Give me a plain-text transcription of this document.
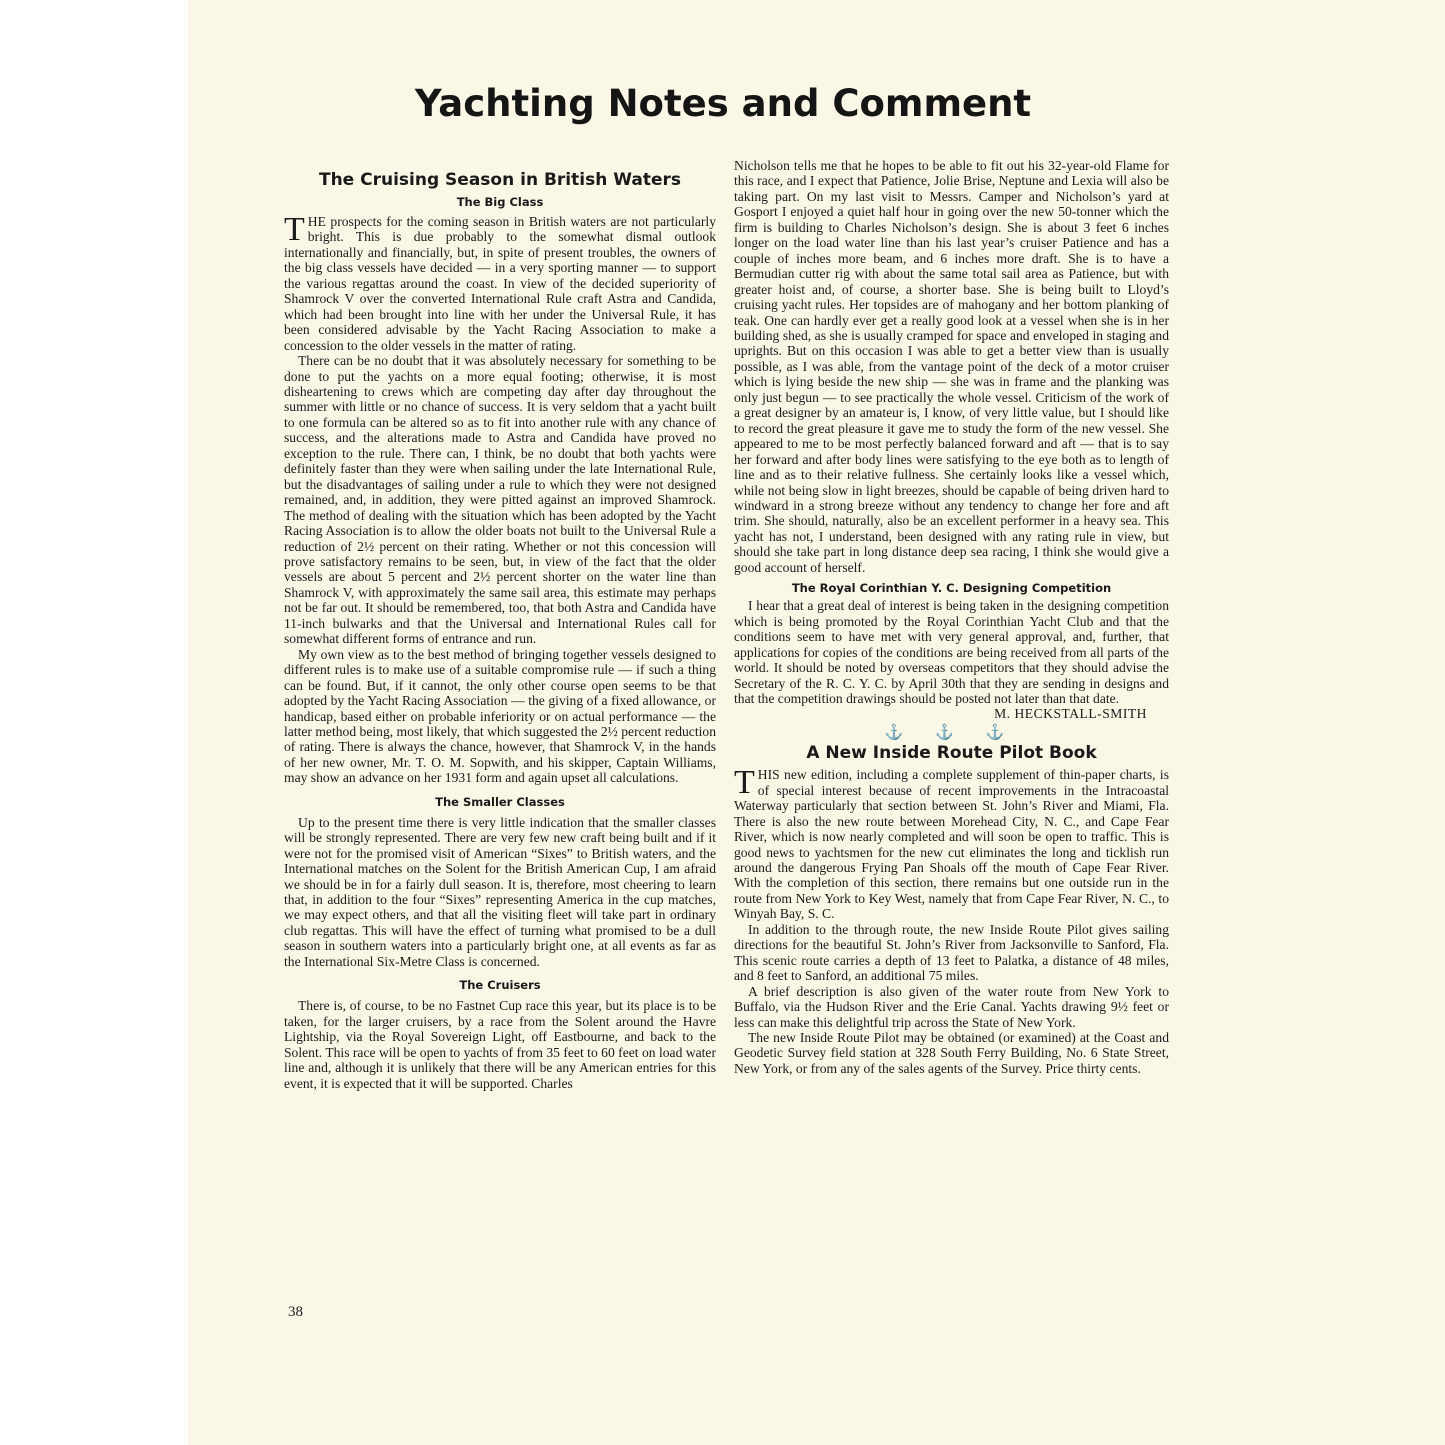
Yachting Notes and Comment
The Cruising Season in British Waters
The Big Class

THE prospects for the coming season in British waters are not particularly bright. This is due probably to the somewhat dismal outlook internationally and financially, but, in spite of present troubles, the owners of the big class vessels have decided — in a very sporting manner — to support the various regattas around the coast. In view of the decided superiority of Shamrock V over the converted International Rule craft Astra and Candida, which had been brought into line with her under the Universal Rule, it has been considered advisable by the Yacht Racing Association to make a concession to the older vessels in the matter of rating.

There can be no doubt that it was absolutely necessary for something to be done to put the yachts on a more equal footing; otherwise, it is most disheartening to crews which are competing day after day throughout the summer with little or no chance of success. It is very seldom that a yacht built to one formula can be altered so as to fit into another rule with any chance of success, and the alterations made to Astra and Candida have proved no exception to the rule. There can, I think, be no doubt that both yachts were definitely faster than they were when sailing under the late International Rule, but the disadvantages of sailing under a rule to which they were not designed remained, and, in addition, they were pitted against an improved Shamrock. The method of dealing with the situation which has been adopted by the Yacht Racing Association is to allow the older boats not built to the Universal Rule a reduction of 2½ percent on their rating. Whether or not this concession will prove satisfactory remains to be seen, but, in view of the fact that the older vessels are about 5 percent and 2½ percent shorter on the water line than Shamrock V, with approximately the same sail area, this estimate may perhaps not be far out. It should be remembered, too, that both Astra and Candida have 11-inch bulwarks and that the Universal and International Rules call for somewhat different forms of entrance and run.

My own view as to the best method of bringing together vessels designed to different rules is to make use of a suitable compromise rule — if such a thing can be found. But, if it cannot, the only other course open seems to be that adopted by the Yacht Racing Association — the giving of a fixed allowance, or handicap, based either on probable inferiority or on actual performance — the latter method being, most likely, that which suggested the 2½ percent reduction of rating. There is always the chance, however, that Shamrock V, in the hands of her new owner, Mr. T. O. M. Sopwith, and his skipper, Captain Williams, may show an advance on her 1931 form and again upset all calculations.

The Smaller Classes

Up to the present time there is very little indication that the smaller classes will be strongly represented. There are very few new craft being built and if it were not for the promised visit of American “Sixes” to British waters, and the International matches on the Solent for the British American Cup, I am afraid we should be in for a fairly dull season. It is, therefore, most cheering to learn that, in addition to the four “Sixes” representing America in the cup matches, we may expect others, and that all the visiting fleet will take part in ordinary club regattas. This will have the effect of turning what promised to be a dull season in southern waters into a particularly bright one, at all events as far as the International Six-Metre Class is concerned.

The Cruisers

There is, of course, to be no Fastnet Cup race this year, but its place is to be taken, for the larger cruisers, by a race from the Solent around the Havre Lightship, via the Royal Sovereign Light, off Eastbourne, and back to the Solent. This race will be open to yachts of from 35 feet to 60 feet on load water line and, although it is unlikely that there will be any American entries for this event, it is expected that it will be supported. Charles

Nicholson tells me that he hopes to be able to fit out his 32-year-old Flame for this race, and I expect that Patience, Jolie Brise, Neptune and Lexia will also be taking part. On my last visit to Messrs. Camper and Nicholson’s yard at Gosport I enjoyed a quiet half hour in going over the new 50-tonner which the firm is building to Charles Nicholson’s design. She is about 3 feet 6 inches longer on the load water line than his last year’s cruiser Patience and has a couple of inches more beam, and 6 inches more draft. She is to have a Bermudian cutter rig with about the same total sail area as Patience, but with greater hoist and, of course, a shorter base. She is being built to Lloyd’s cruising yacht rules. Her topsides are of mahogany and her bottom planking of teak. One can hardly ever get a really good look at a vessel when she is in her building shed, as she is usually cramped for space and enveloped in staging and uprights. But on this occasion I was able to get a better view than is usually possible, as I was able, from the vantage point of the deck of a motor cruiser which is lying beside the new ship — she was in frame and the planking was only just begun — to see practically the whole vessel. Criticism of the work of a great designer by an amateur is, I know, of very little value, but I should like to record the great pleasure it gave me to study the form of the new vessel. She appeared to me to be most perfectly balanced forward and aft — that is to say her forward and after body lines were satisfying to the eye both as to length of line and as to their relative fullness. She certainly looks like a vessel which, while not being slow in light breezes, should be capable of being driven hard to windward in a strong breeze without any tendency to change her fore and aft trim. She should, naturally, also be an excellent performer in a heavy sea. This yacht has not, I understand, been designed with any rating rule in view, but should she take part in long distance deep sea racing, I think she would give a good account of herself.

The Royal Corinthian Y. C. Designing Competition

I hear that a great deal of interest is being taken in the designing competition which is being promoted by the Royal Corinthian Yacht Club and that the conditions seem to have met with very general approval, and, further, that applications for copies of the conditions are being received from all parts of the world. It should be noted by overseas competitors that they should advise the Secretary of the R. C. Y. C. by April 30th that they are sending in designs and that the competition drawings should be posted not later than that date.

M. HECKSTALL-SMITH
⚓ ⚓ ⚓
A New Inside Route Pilot Book

THIS new edition, including a complete supplement of thin-paper charts, is of special interest because of recent improvements in the Intracoastal Waterway particularly that section between St. John’s River and Miami, Fla. There is also the new route between Morehead City, N. C., and Cape Fear River, which is now nearly completed and will soon be open to traffic. This is good news to yachtsmen for the new cut eliminates the long and ticklish run around the dangerous Frying Pan Shoals off the mouth of Cape Fear River. With the completion of this section, there remains but one outside run in the route from New York to Key West, namely that from Cape Fear River, N. C., to Winyah Bay, S. C.

In addition to the through route, the new Inside Route Pilot gives sailing directions for the beautiful St. John’s River from Jacksonville to Sanford, Fla. This scenic route carries a depth of 13 feet to Palatka, a distance of 48 miles, and 8 feet to Sanford, an additional 75 miles.

A brief description is also given of the water route from New York to Buffalo, via the Hudson River and the Erie Canal. Yachts drawing 9½ feet or less can make this delightful trip across the State of New York.

The new Inside Route Pilot may be obtained (or examined) at the Coast and Geodetic Survey field station at 328 South Ferry Building, No. 6 State Street, New York, or from any of the sales agents of the Survey. Price thirty cents.

38
